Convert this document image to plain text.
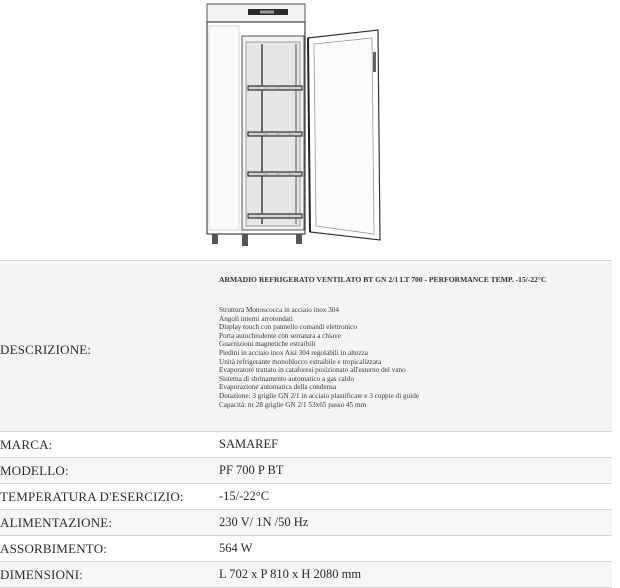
DESCRIZIONE:
ARMADIO REFRIGERATO VENTILATO BT GN 2/1 LT 700 - PERFORMANCE TEMP. -15/-22°C
Struttura Monoscocca in acciaio inox 304
Angoli interni arrotondati
Display touch con pannello comandi elettronico
Porta autochiudente con serratura a chiave
Guarnizioni magnetiche estraibili
Piedini in acciaio inox Aisi 304 regolabili in altezza
Unità refrigerante monoblocco estraibile e tropicalizzata
Evaporatore trattato in cataforesi posizionato all'esterno del vano
Sistema di sbrinamento automatico a gas caldo
Evaporazione automatica della condensa
Dotazione: 3 griglie GN 2/1 in acciaio plastificate e 3 coppie di guide
Capacità: nr 28 griglie GN 2/1 53x65 passo 45 mm
MARCA:	SAMAREF
MODELLO:	PF 700 P BT
TEMPERATURA D'ESERCIZIO:	-15/-22°C
ALIMENTAZIONE:	230 V/ 1N /50 Hz
ASSORBIMENTO:	564 W
DIMENSIONI:	L 702 x P 810 x H 2080 mm
